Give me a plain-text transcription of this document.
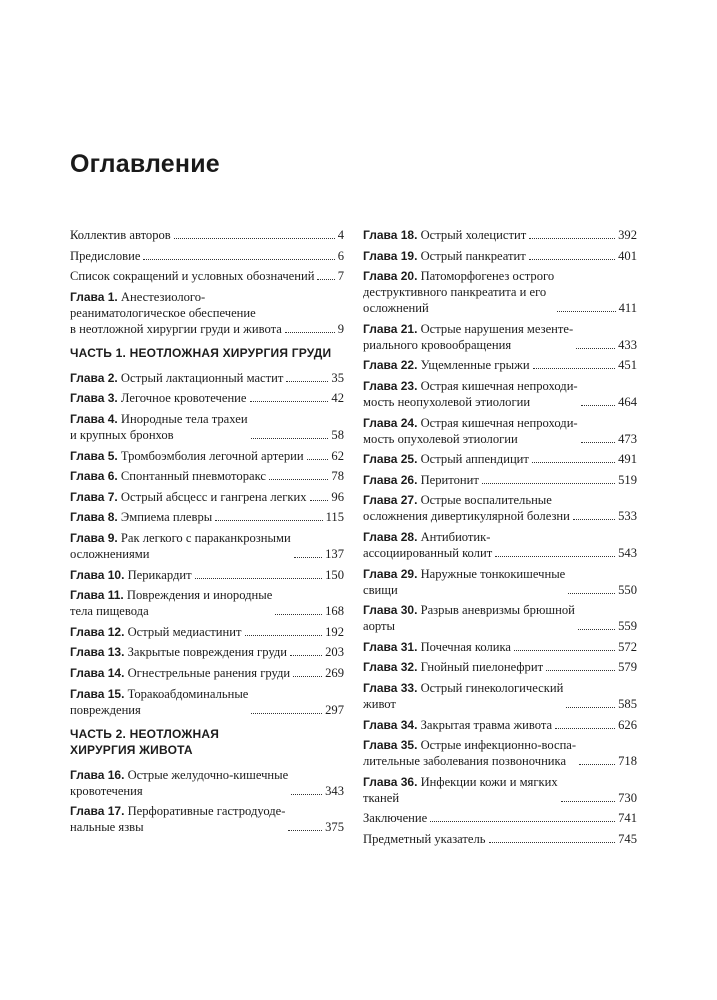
Оглавление
Коллектив авторов	4
Предисловие	6
Список сокращений и условных обозначений 7
Глава 1. Анестезиолого-
реаниматологическое обеспечение
в неотложной хирургии груди и живота	9
ЧАСТЬ 1. НЕОТЛОЖНАЯ ХИРУРГИЯ ГРУДИ
Глава 2. Острый лактационный мастит	35
Глава 3. Легочное кровотечение	42
Глава 4. Инородные тела трахеи
и крупных бронхов	58
Глава 5. Тромбоэмболия легочной артерии 62
Глава 6. Спонтанный пневмоторакс	78
Глава 7. Острый абсцесс и гангрена легких 96
Глава 8. Эмпиема плевры	115
Глава 9. Рак легкого с параканкрозными
осложнениями	137
Глава 10. Перикардит	150
Глава 11. Повреждения и инородные
тела пищевода	168
Глава 12. Острый медиастинит	192
Глава 13. Закрытые повреждения груди	203
Глава 14. Огнестрельные ранения груди	269
Глава 15. Торакоабдоминальные
повреждения	297
ЧАСТЬ 2. НЕОТЛОЖНАЯ
ХИРУРГИЯ ЖИВОТА
Глава 16. Острые желудочно-кишечные
кровотечения	343
Глава 17. Перфоративные гастродуоде-
нальные язвы	375
Глава 18. Острый холецистит	392
Глава 19. Острый панкреатит	401
Глава 20. Патоморфогенез острого
деструктивного панкреатита и его
осложнений	411
Глава 21. Острые нарушения мезенте-
риального кровообращения	433
Глава 22. Ущемленные грыжи	451
Глава 23. Острая кишечная непроходи-
мость неопухолевой этиологии	464
Глава 24. Острая кишечная непроходи-
мость опухолевой этиологии	473
Глава 25. Острый аппендицит	491
Глава 26. Перитонит	519
Глава 27. Острые воспалительные
осложнения дивертикулярной болезни	533
Глава 28. Антибиотик-
ассоциированный колит	543
Глава 29. Наружные тонкокишечные
свищи	550
Глава 30. Разрыв аневризмы брюшной
аорты	559
Глава 31. Почечная колика	572
Глава 32. Гнойный пиелонефрит	579
Глава 33. Острый гинекологический
живот	585
Глава 34. Закрытая травма живота	626
Глава 35. Острые инфекционно-воспа-
лительные заболевания позвоночника	718
Глава 36. Инфекции кожи и мягких
тканей	730
Заключение	741
Предметный указатель	745
